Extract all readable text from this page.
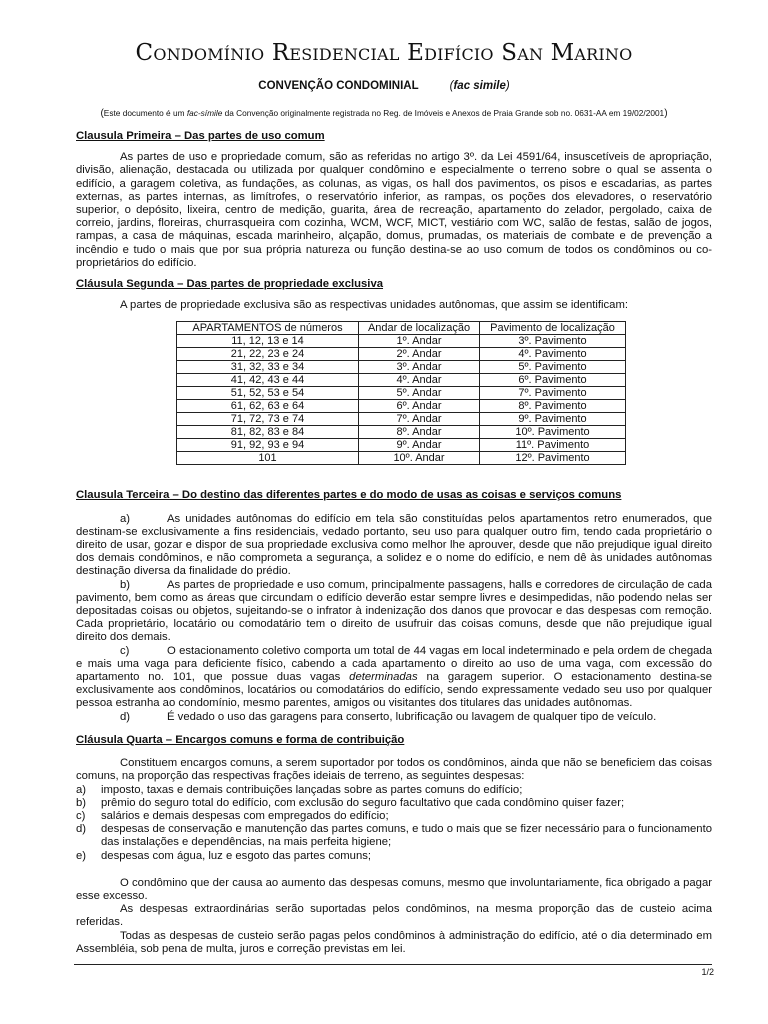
Condomínio Residencial Edifício San Marino
CONVENÇÃO CONDOMINIAL	(fac simile)
(Este documento é um fac-símile da Convenção originalmente registrada no Reg. de Imóveis e Anexos de Praia Grande sob no. 0631-AA em 19/02/2001)

Clausula Primeira – Das partes de uso comum

As partes de uso e propriedade comum, são as referidas no artigo 3º. da Lei 4591/64, insuscetíveis de apropriação, divisão, alienação, destacada ou utilizada por qualquer condômino e especialmente o terreno sobre o qual se assenta o edifício, a garagem coletiva, as fundações, as colunas, as vigas, os hall dos pavimentos, os pisos e escadarias, as partes externas, as partes internas, as limítrofes, o reservatório inferior, as rampas, os poções dos elevadores, o reservatório superior, o depósito, lixeira, centro de medição, guarita, área de recreação, apartamento do zelador, pergolado, caixa de correio, jardins, floreiras, churrasqueira com cozinha, WCM, WCF, MICT, vestiário com WC, salão de festas, salão de jogos, rampas, a casa de máquinas, escada marinheiro, alçapão, domus, prumadas, os materiais de combate e de prevenção a incêndio e tudo o mais que por sua própria natureza ou função destina-se ao uso comum de todos os condôminos ou co-proprietários do edifício.

Cláusula Segunda – Das partes de propriedade exclusiva

A partes de propriedade exclusiva são as respectivas unidades autônomas, que assim se identificam:

APARTAMENTOS de números	Andar de localização	Pavimento de localização
11, 12, 13 e 14	1º. Andar	3º. Pavimento
21, 22, 23 e 24	2º. Andar	4º. Pavimento
31, 32, 33 e 34	3º. Andar	5º. Pavimento
41, 42, 43 e 44	4º. Andar	6º. Pavimento
51, 52, 53 e 54	5º. Andar	7º. Pavimento
61, 62, 63 e 64	6º. Andar	8º. Pavimento
71, 72, 73 e 74	7º. Andar	9º. Pavimento
81, 82, 83 e 84	8º. Andar	10º. Pavimento
91, 92, 93 e 94	9º. Andar	11º. Pavimento
101	10º. Andar	12º. Pavimento

Clausula Terceira – Do destino das diferentes partes e do modo de usas as coisas e serviços comuns

a)	As unidades autônomas do edifício em tela são constituídas pelos apartamentos retro enumerados, que destinam-se exclusivamente a fins residenciais, vedado portanto, seu uso para qualquer outro fim, tendo cada proprietário o direito de usar, gozar e dispor de sua propriedade exclusiva como melhor lhe aprouver, desde que não prejudique igual direito dos demais condôminos, e não comprometa a segurança, a solidez e o nome do edifício, e nem dê às unidades autônomas destinação diversa da finalidade do prédio.

b)	As partes de propriedade e uso comum, principalmente passagens, halls e corredores de circulação de cada pavimento, bem como as áreas que circundam o edifício deverão estar sempre livres e desimpedidas, não podendo nelas ser depositadas coisas ou objetos, sujeitando-se o infrator à indenização dos danos que provocar e das despesas com remoção. Cada proprietário, locatário ou comodatário tem o direito de usufruir das coisas comuns, desde que não prejudique igual direito dos demais.

c)	O estacionamento coletivo comporta um total de 44 vagas em local indeterminado e pela ordem de chegada e mais uma vaga para deficiente físico, cabendo a cada apartamento o direito ao uso de uma vaga, com excessão do apartamento no. 101, que possue duas vagas determinadas na garagem superior. O estacionamento destina-se exclusivamente aos condôminos, locatários ou comodatários do edifício, sendo expressamente vedado seu uso por qualquer pessoa estranha ao condomínio, mesmo parentes, amigos ou visitantes dos titulares das unidades autônomas.

d)	É vedado o uso das garagens para conserto, lubrificação ou lavagem de qualquer tipo de veículo.

Cláusula Quarta – Encargos comuns e forma de contribuição

Constituem encargos comuns, a serem suportador por todos os condôminos, ainda que não se beneficiem das coisas comuns, na proporção das respectivas frações ideiais de terreno, as seguintes despesas:

a)	imposto, taxas e demais contribuições lançadas sobre as partes comuns do edifício;
b)	prêmio do seguro total do edifício, com exclusão do seguro facultativo que cada condômino quiser fazer;
c)	salários e demais despesas com empregados do edifício;
d)	despesas de conservação e manutenção das partes comuns, e tudo o mais que se fizer necessário para o funcionamento das instalações e dependências, na mais perfeita higiene;
e)	despesas com água, luz e esgoto das partes comuns;

O condômino que der causa ao aumento das despesas comuns, mesmo que involuntariamente, fica obrigado a pagar esse excesso.

As despesas extraordinárias serão suportadas pelos condôminos, na mesma proporção das de custeio acima referidas.

Todas as despesas de custeio serão pagas pelos condôminos à administração do edifício, até o dia determinado em Assembléia, sob pena de multa, juros e correção previstas em lei.

1/2
